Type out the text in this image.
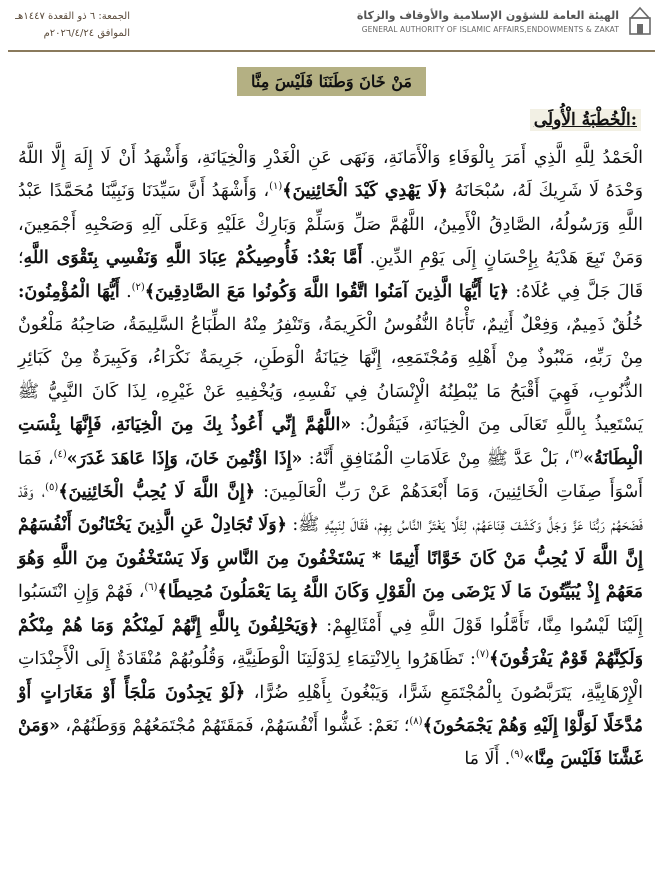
الجمعة: ٦ ذو القعدة ١٤٤٧هـ
الموافق ٢٠٢٦/٤/٢٤م
الهيئة العامة للشؤون الإسلامية والأوقاف والزكاة
GENERAL AUTHORITY OF ISLAMIC AFFAIRS,ENDOWMENTS & ZAKAT
مَنْ خَانَ وَطَنَنَا فَلَيْسَ مِنَّا
الْخُطْبَةُ الْأُولَى:

الْحَمْدُ لِلَّهِ الَّذِي أَمَرَ بِالْوَفَاءِ وَالْأَمَانَةِ، وَنَهَى عَنِ الْغَدْرِ وَالْخِيَانَةِ، وَأَشْهَدُ أَنْ لَا إِلَهَ إِلَّا اللَّهُ وَحْدَهُ لَا شَرِيكَ لَهُ، سُبْحَانَهُ ﴿لَا يَهْدِي كَيْدَ الْخَائِنِينَ﴾$^{(١)}$، وَأَشْهَدُ أَنَّ سَيِّدَنَا وَنَبِيَّنَا مُحَمَّدًا عَبْدُ اللَّهِ وَرَسُولُهُ، الصَّادِقُ الْأَمِينُ، اللَّهُمَّ صَلِّ وَسَلِّمْ وَبَارِكْ عَلَيْهِ وَعَلَى آلِهِ وَصَحْبِهِ أَجْمَعِينَ، وَمَنْ تَبِعَ هَدْيَهُ بِإِحْسَانٍ إِلَى يَوْمِ الدِّينِ. أَمَّا بَعْدُ: فَأُوصِيكُمْ عِبَادَ اللَّهِ وَنَفْسِي بِتَقْوَى اللَّهِ؛ قَالَ جَلَّ فِي عُلَاهُ: ﴿يَا أَيُّهَا الَّذِينَ آمَنُوا اتَّقُوا اللَّهَ وَكُونُوا مَعَ الصَّادِقِينَ﴾$^{(٢)}$. أَيُّهَا الْمُؤْمِنُونَ: خُلُقٌ ذَمِيمٌ، وَفِعْلٌ أَثِيمٌ، تَأْبَاهُ النُّفُوسُ الْكَرِيمَةُ، وَتَنْفِرُ مِنْهُ الطِّبَاعُ السَّلِيمَةُ، صَاحِبُهُ مَلْعُونٌ مِنْ رَبِّهِ، مَنْبُوذٌ مِنْ أَهْلِهِ وَمُجْتَمَعِهِ، إِنَّهَا خِيَانَةُ الْوَطَنِ، جَرِيمَةٌ نَكْرَاءُ، وَكَبِيرَةٌ مِنْ كَبَائِرِ الذُّنُوبِ، فَهِيَ أَقْبَحُ مَا يُبْطِنُهُ الْإِنْسَانُ فِي نَفْسِهِ، وَيُخْفِيهِ عَنْ غَيْرِهِ، لِذَا كَانَ النَّبِيُّ ﷺ يَسْتَعِيذُ بِاللَّهِ تَعَالَى مِنَ الْخِيَانَةِ، فَيَقُولُ: «اللَّهُمَّ إِنِّي أَعُوذُ بِكَ مِنَ الْخِيَانَةِ، فَإِنَّهَا بِئْسَتِ الْبِطَانَةُ»$^{(٣)}$، بَلْ عَدَّ ﷺ مِنْ عَلَامَاتِ الْمُنَافِقِ أَنَّهُ: «إِذَا اؤْتُمِنَ خَانَ، وَإِذَا عَاهَدَ غَدَرَ»$^{(٤)}$، فَمَا أَسْوَأَ صِفَاتِ الْخَائِنِينَ، وَمَا أَبْعَدَهُمْ عَنْ رَبِّ الْعَالَمِينَ: ﴿إِنَّ اللَّهَ لَا يُحِبُّ الْخَائِنِينَ﴾$^{(٥)}$، وَقَدْ فَضَحَهُمْ رَبُّنَا عَزَّ وَجَلَّ وَكَشَفَ قِنَاعَهُمْ، لِئَلَّا يَغْتَرَّ النَّاسُ بِهِمْ، فَقَالَ لِنَبِيِّهِ ﷺ: ﴿وَلَا تُجَادِلْ عَنِ الَّذِينَ يَخْتَانُونَ أَنْفُسَهُمْ إِنَّ اللَّهَ لَا يُحِبُّ مَنْ كَانَ خَوَّانًا أَثِيمًا * يَسْتَخْفُونَ مِنَ النَّاسِ وَلَا يَسْتَخْفُونَ مِنَ اللَّهِ وَهُوَ مَعَهُمْ إِذْ يُبَيِّتُونَ مَا لَا يَرْضَى مِنَ الْقَوْلِ وَكَانَ اللَّهُ بِمَا يَعْمَلُونَ مُحِيطًا﴾$^{(٦)}$، فَهُمْ وَإِنِ انْتَسَبُوا إِلَيْنَا لَيْسُوا مِنَّا، تَأَمَّلُوا قَوْلَ اللَّهِ فِي أَمْثَالِهِمْ: ﴿وَيَحْلِفُونَ بِاللَّهِ إِنَّهُمْ لَمِنْكُمْ وَمَا هُمْ مِنْكُمْ وَلَكِنَّهُمْ قَوْمٌ يَفْرَقُونَ﴾$^{(٧)}$: تَظَاهَرُوا بِالِانْتِمَاءِ لِدَوْلَتِنَا الْوَطَنِيَّةِ، وَقُلُوبُهُمْ مُنْقَادَةٌ إِلَى الْأَجِنْدَاتِ الْإِرْهَابِيَّةِ، يَتَرَبَّصُونَ بِالْمُجْتَمَعِ شَرًّا، وَيَبْغُونَ بِأَهْلِهِ ضُرًّا، ﴿لَوْ يَجِدُونَ مَلْجَأً أَوْ مَغَارَاتٍ أَوْ مُدَّخَلًا لَوَلَّوْا إِلَيْهِ وَهُمْ يَجْمَحُونَ﴾$^{(٨)}$؛ نَعَمْ: غَشُّوا أَنْفُسَهُمْ، فَمَقَتَهُمْ مُجْتَمَعُهُمْ وَوَطَنُهُمْ، «وَمَنْ غَشَّنَا فَلَيْسَ مِنَّا»$^{(٩)}$. أَلَا مَا
